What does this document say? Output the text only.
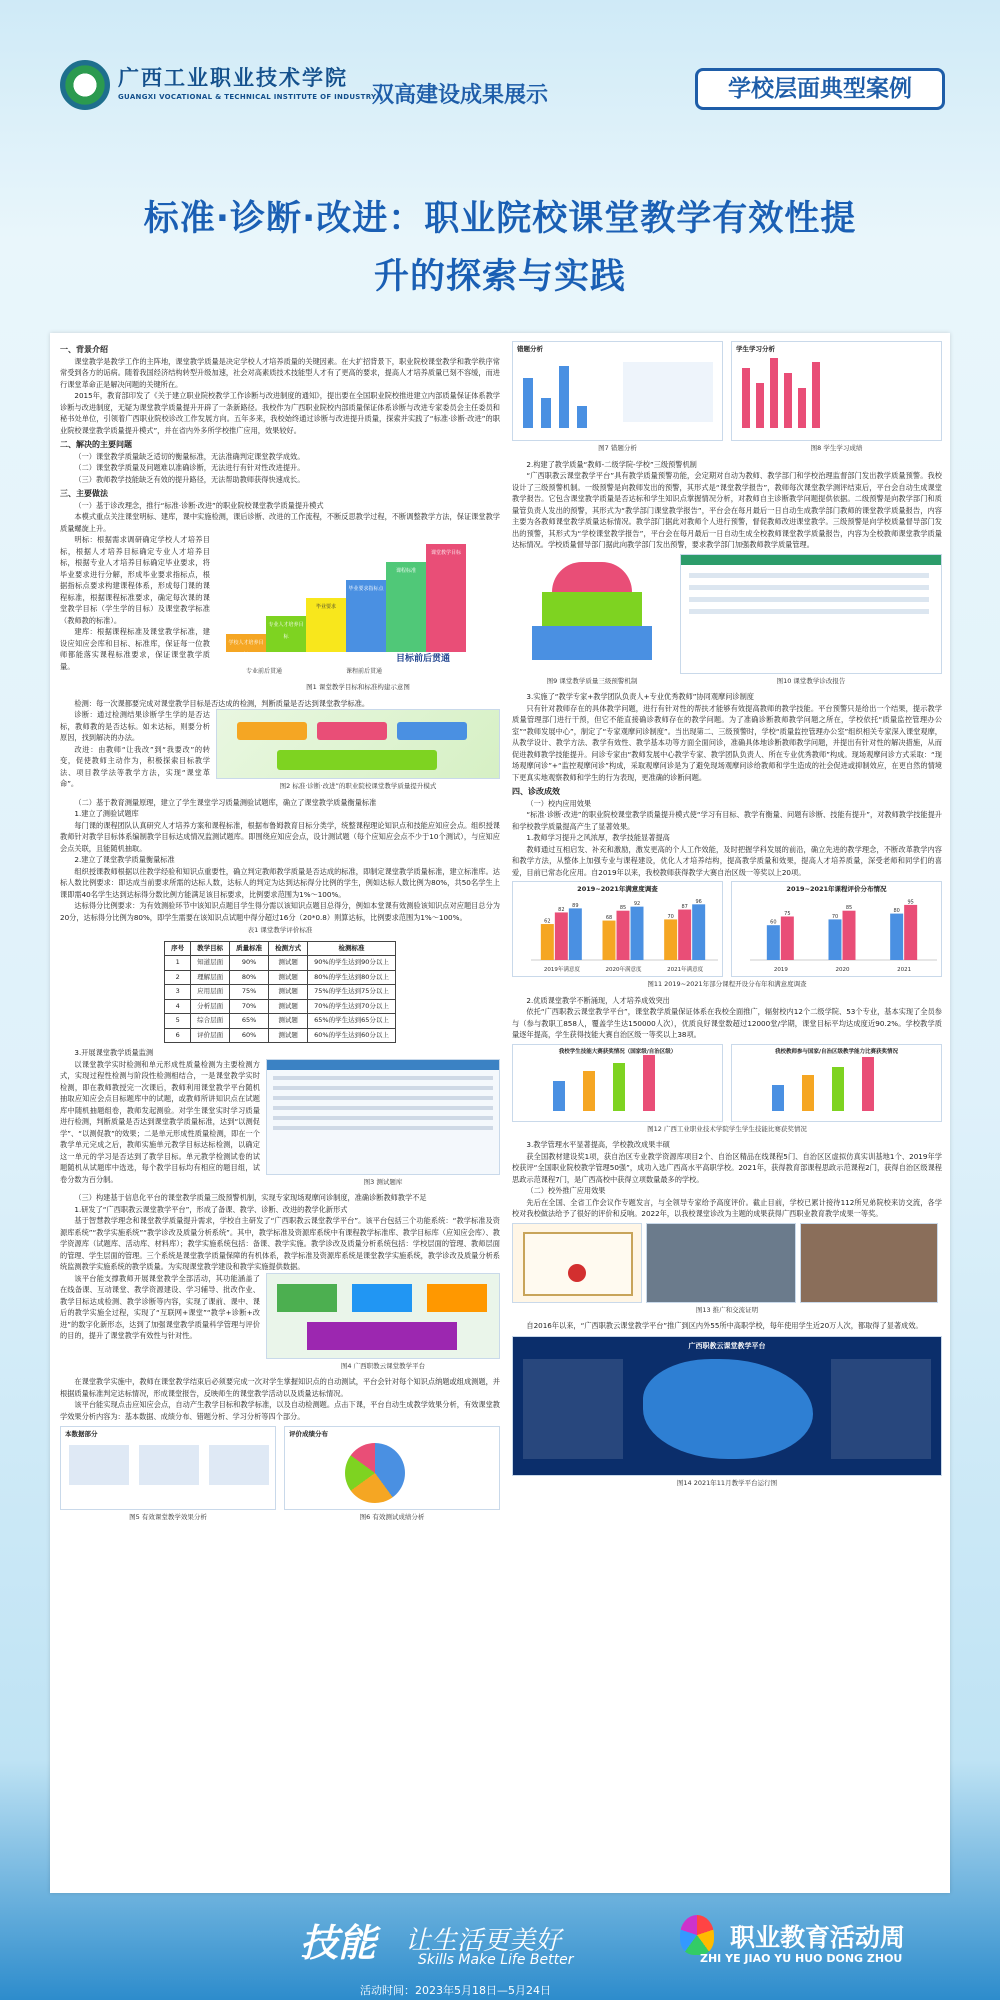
广西工业职业技术学院
GUANGXI VOCATIONAL & TECHNICAL INSTITUTE OF INDUSTRY
双高建设成果展示	学校层面典型案例
标准·诊断·改进：职业院校课堂教学有效性提
升的探索与实践
一、背景介绍
课堂教学是教学工作的主阵地，课堂教学质量是决定学校人才培养质量的关键因素。在大扩招背景下，职业院校课堂教学和教学秩序常常受到各方的诟病。随着我国经济结构转型升级加速，社会对高素质技术技能型人才有了更高的要求，提高人才培养质量已刻不容缓，而进行课堂革命正是解决问题的关键所在。
2015年，教育部印发了《关于建立职业院校教学工作诊断与改进制度的通知》，提出要在全国职业院校推进建立内部质量保证体系教学诊断与改进制度，无疑为课堂教学质量提升开辟了一条新路径。我校作为广西职业院校内部质量保证体系诊断与改进专家委员会主任委员和秘书处单位，引领着广西职业院校诊改工作发展方向。五年多来，我校始终通过诊断与改进提升质量，探索并实践了“标准·诊断·改进”的职业院校课堂教学质量提升模式”，并在省内外多所学校推广应用，效果较好。
二、解决的主要问题
（一）课堂教学质量缺乏适切的衡量标准，无法准确判定课堂教学成效。
（二）课堂教学质量及问题难以准确诊断，无法进行有针对性改进提升。
（三）教师教学技能缺乏有效的提升路径，无法帮助教师获得快速成长。
三、主要做法
（一）基于诊改理念，推行“标准·诊断·改进”的职业院校课堂教学质量提升模式
本模式重点关注课堂明标、建库，课中实施检测，课后诊断、改进的工作流程，不断反思教学过程，不断调整教学方法，保证课堂教学质量螺旋上升。
明标：根据需求调研确定学校人才培养目标，根据人才培养目标确定专业人才培养目标，根据专业人才培养目标确定毕业要求，将毕业要求进行分解，形成毕业要求指标点，根据指标点要求构建课程体系，形成每门课的课程标准，根据课程标准要求，确定每次课的课堂教学目标（学生学的目标）及课堂教学标准（教师教的标准）。
建库：根据课程标准及课堂教学标准，建设应知应会库和目标、标准库，保证每一位教师都能落实课程标准要求，保证课堂教学质量。
学校人才培养目标
专业人才培养目标
毕业要求
毕业要求指标点
课程标准
课堂教学目标
目标前后贯通
专业前后贯通	课程前后贯通
图1 课堂教学目标和标准构建示意图
检测：每一次课都要完成对课堂教学目标是否达成的检测，判断质量是否达到课堂教学标准。
诊断：通过检测结果诊断学生学的是否达标，教师教的是否达标。如未达标，则要分析原因，找到解决的办法。
改进：由教师“让我改”到“我要改”的转变，促使教师主动作为，积极探索目标教学法、项目教学法等教学方法，实现“课堂革命”。	图2 标准·诊断·改进”的职业院校课堂教学质量提升模式
（二）基于教育测量原理，建立了学生课堂学习质量测验试题库，确立了课堂教学质量衡量标准
1.建立了测验试题库
每门课的课程团队认真研究人才培养方案和课程标准，根据布鲁姆教育目标分类学，统整课程理论知识点和技能应知应会点。组织授课教师针对教学目标体系编制教学目标达成情况监测试题库。即围绕应知应会点，设计测试题（每个应知应会点不少于10个测试），与应知应会点关联，且能随机抽取。
2.建立了课堂教学质量衡量标准
组织授课教师根据以往教学经验和知识点重要性，确立判定教师教学质量是否达成的标准，即制定课堂教学质量标准，建立标准库。达标人数比例要求：即达成当前要求所需的达标人数，达标人的判定为达到达标得分比例的学生，例如达标人数比例为80%，共50名学生上课即需40名学生达到达标得分数比例方能满足该目标要求，比例要求范围为1%～100%。
达标得分比例要求：为有效测验环节中该知识点题目学生得分需以该知识点题目总得分，例如本堂课有效测验该知识点对应题目总分为20分，达标得分比例为80%，即学生需要在该知识点试题中得分超过16分（20*0.8）则算达标，比例要求范围为1%～100%。
表1 课堂教学评价标准
序号	教学目标	质量标准	检测方式	检测标准
1	知道层面	90%	测试题	90%的学生达到90分以上
2	理解层面	80%	测试题	80%的学生达到80分以上
3	应用层面	75%	测试题	75%的学生达到75分以上
4	分析层面	70%	测试题	70%的学生达到70分以上
5	综合层面	65%	测试题	65%的学生达到65分以上
6	评价层面	60%	测试题	60%的学生达到60分以上
3.开展课堂教学质量监测
以课堂教学实时检测和单元形成性质量检测为主要检测方式，实现过程性检测与阶段性检测相结合，一是课堂教学实时检测，即在教师教授完一次课后，教师利用课堂教学平台随机抽取应知应会点目标题库中的试题，或教师所讲知识点在试题库中随机抽题组卷，教师发起测验。对学生课堂实时学习质量进行检测，判断质量是否达到课堂教学质量标准，达到“以测促学”、“以测促教”的效果；二是单元形成性质量检测，即在一个教学单元完成之后，教师实施单元教学目标达标检测，以确定这一单元的学习是否达到了教学目标。单元教学检测试卷的试题随机从试题库中选选，每个教学目标均有相应的题目组，试卷分数为百分制。	图3 测试题库
（三）构建基于信息化平台的课堂教学质量三级预警机制，实现专家现场观摩问诊制度，准确诊断教师教学不足
1.研发了“广西职教云课堂教学平台”，形成了备课、教学、诊断、改进的教学化新形式
基于智慧教学理念和课堂教学质量提升需求，学校自主研发了“广西职教云课堂教学平台”。该平台包括三个功能系统：“教学标准及资源库系统”“教学实施系统”“教学诊改及质量分析系统”。其中，教学标准及资源库系统中有课程教学标准库、教学目标库（应知应会库）、教学资源库（试题库、活动库、材料库）；教学实施系统包括：备课、教学实施。教学诊改及质量分析系统包括：学校层面的管理、教师层面的管理、学生层面的管理。三个系统是课堂教学质量保障的有机体系，教学标准及资源库系统是课堂教学实施系统，教学诊改及质量分析系统监测教学实施系统的教学质量。为实现课堂教学建设和教学实施提供数据。
该平台能支撑教师开展课堂教学全部活动，其功能涵盖了在线备课、互动课堂、教学资源建设、学习辅导、批改作业、教学目标达成检测、教学诊断等内容，实现了课前、课中、课后的教学实施全过程，实现了“互联网+课堂”“教学+诊断+改进”的数字化新形态，达到了加强课堂教学质量科学管理与评价的目的，提升了课堂教学有效性与针对性。
图4 广西职教云课堂教学平台
在课堂教学实施中，教师在课堂教学结束后必须要完成一次对学生掌握知识点的自动测试，平台会针对每个知识点纳题或组成测题，并根据质量标准判定达标情况，形成课堂报告，反映师生的课堂教学活动以及质量达标情况。
该平台能实现点击应知应会点，自动产生教学目标和教学标准，以及自动检测题。点击下课，平台自动生成教学效果分析，有效课堂教学效果分析内容为：基本数据、成绩分布、错题分析、学习分析等四个部分。
本数据部分
图5 有效课堂教学效果分析
评价成绩分布
图6 有效测试成绩分析
错题分析
图7 错题分析
学生学习分析
图8 学生学习成绩
2.构建了教学质量“教师-二级学院-学校”三级预警机制
“广西职教云课堂教学平台”具有教学质量预警功能，会定期对自动为教师、教学部门和学校治理监督部门发出教学质量预警。我校设计了三级预警机制。一级预警是向教师发出的预警，其形式是“课堂教学报告”，教师每次课堂教学测评结束后，平台会自动生成课堂教学报告。它包含课堂教学质量是否达标和学生知识点掌握情况分析，对教师自主诊断教学问题提供依据。二级预警是向教学部门和质量管负责人发出的预警，其形式为“教学部门课堂教学报告”，平台会在每月最后一日自动生成教学部门教师的课堂教学质量报告，内容主要为各教师课堂教学质量达标情况。教学部门据此对教师个人进行预警，督促教师改进课堂教学。三级预警是向学校质量督导部门发出的预警，其形式为“学校课堂教学报告”，平台会在每月最后一日自动生成全校教师课堂教学质量报告，内容为全校教师课堂教学质量达标情况。学校质量督导部门据此向教学部门发出预警，要求教学部门加强教师教学质量管理。
图9 课堂教学质量三级预警机制	图10 课堂教学诊改报告
3.实施了“教学专家+教学团队负责人+专业优秀教师”协同观摩问诊制度
只有针对教师存在的具体教学问题，进行有针对性的帮扶才能够有效提高教师的教学技能。平台预警只是给出一个结果，提示教学质量管理部门进行干预，但它不能直接确诊教师存在的教学问题。为了准确诊断教师教学问题之所在，学校依托“质量监控管理办公室”“教师发展中心”，制定了“专家观摩问诊制度”。当出现第二、三级预警时，学校“质量监控管理办公室”组织相关专家深入课堂观摩，从教学设计、教学方法、教学有效性、教学基本功等方面全面问诊，准确具体地诊断教师教学问题，并提出有针对性的解决措施，从而促进教师教学技能提升。问诊专家由“教师发展中心教学专家、教学团队负责人、所在专业优秀教师”构成。现场观摩问诊方式采取：“现场观摩问诊”+“监控观摩问诊”构成，采取观摩问诊是为了避免现场观摩问诊给教师和学生造成的社会促进或抑制效应，在更自然的情境下更真实地观察教师和学生的行为表现，更准确的诊断问题。
四、诊改成效
（一）校内应用效果
“标准·诊断·改进”的职业院校课堂教学质量提升模式使“学习有目标、教学有衡量、问题有诊断、技能有提升”，对教师教学技能提升和学校教学质量提高产生了显著效果。
1.教师学习提升之风浓厚，教学技能显著提高
教师通过互相启发、补充和激励，激发更高的个人工作效能，及时把握学科发展的前沿，确立先进的教学理念，不断改革教学内容和教学方法，从整体上加强专业与课程建设，优化人才培养结构，提高教学质量和效果，提高人才培养质量，深受老师和同学们的喜爱，目前已常态化应用。自2019年以来，我校教师获得教学大赛自治区级一等奖以上20项。
2019~2021年满意度调查
62
82
89
2019年满意度
68
85
92
2020年满意度
70
87
96
2021年满意度
2019~2021年课程评价分布情况
60
75
2019
70
85
2020
80
95
2021
图11 2019~2021年部分课程开设分布年和满意度调查
2.优质课堂教学不断涌现，人才培养成效突出
依托“广西职教云课堂教学平台”，课堂教学质量保证体系在我校全面推广，辐射校内12个二级学院、53个专业，基本实现了全员参与（参与教职工858人，覆盖学生达150000人次），优质良好课堂数超过12000堂/学期，课堂目标平均达成度近90.2%。学校教学质量逐年提高，学生获得技能大赛自治区级一等奖以上38项。
我校学生技能大赛获奖情况（国家级/自治区级）	我校教师参与国家/自治区级教学能力比赛获奖情况
图12 广西工业职业技术学院学生学生技能比赛获奖情况
3.教学管理水平显著提高，学校教改成果丰硕
获全国教材建设奖1项，获自治区专业教学资源库项目2个、自治区精品在线课程5门、自治区区虚拟仿真实训基地1个、2019年学校获评“全国职业院校教学管理50强”，成功入选广西高水平高职学校。2021年，获得教育部课程思政示范课程2门，获得自治区级课程思政示范课程7门，是广西高校中获得立项数量最多的学校。
（二）校外推广应用效果
先后在全国、全省工作会议作专题发言，与全领导专家给予高度评价。截止目前，学校已累计接待112所兄弟院校来访交流，各学校对我校做法给予了很好的评价和反响。2022年，以我校课堂诊改为主题的成果获得广西职业教育教学成果一等奖。
图13 推广和交流证明
自2016年以来，“广西职教云课堂教学平台”推广到区内外55所中高职学校，每年使用学生近20万人次，都取得了显著成效。
广西职教云课堂教学平台
图14 2021年11月教学平台运行图
技能 让生活更美好
Skills Make Life Better
职业教育活动周
ZHI YE JIAO YU HUO DONG ZHOU
活动时间：2023年5月18日—5月24日
